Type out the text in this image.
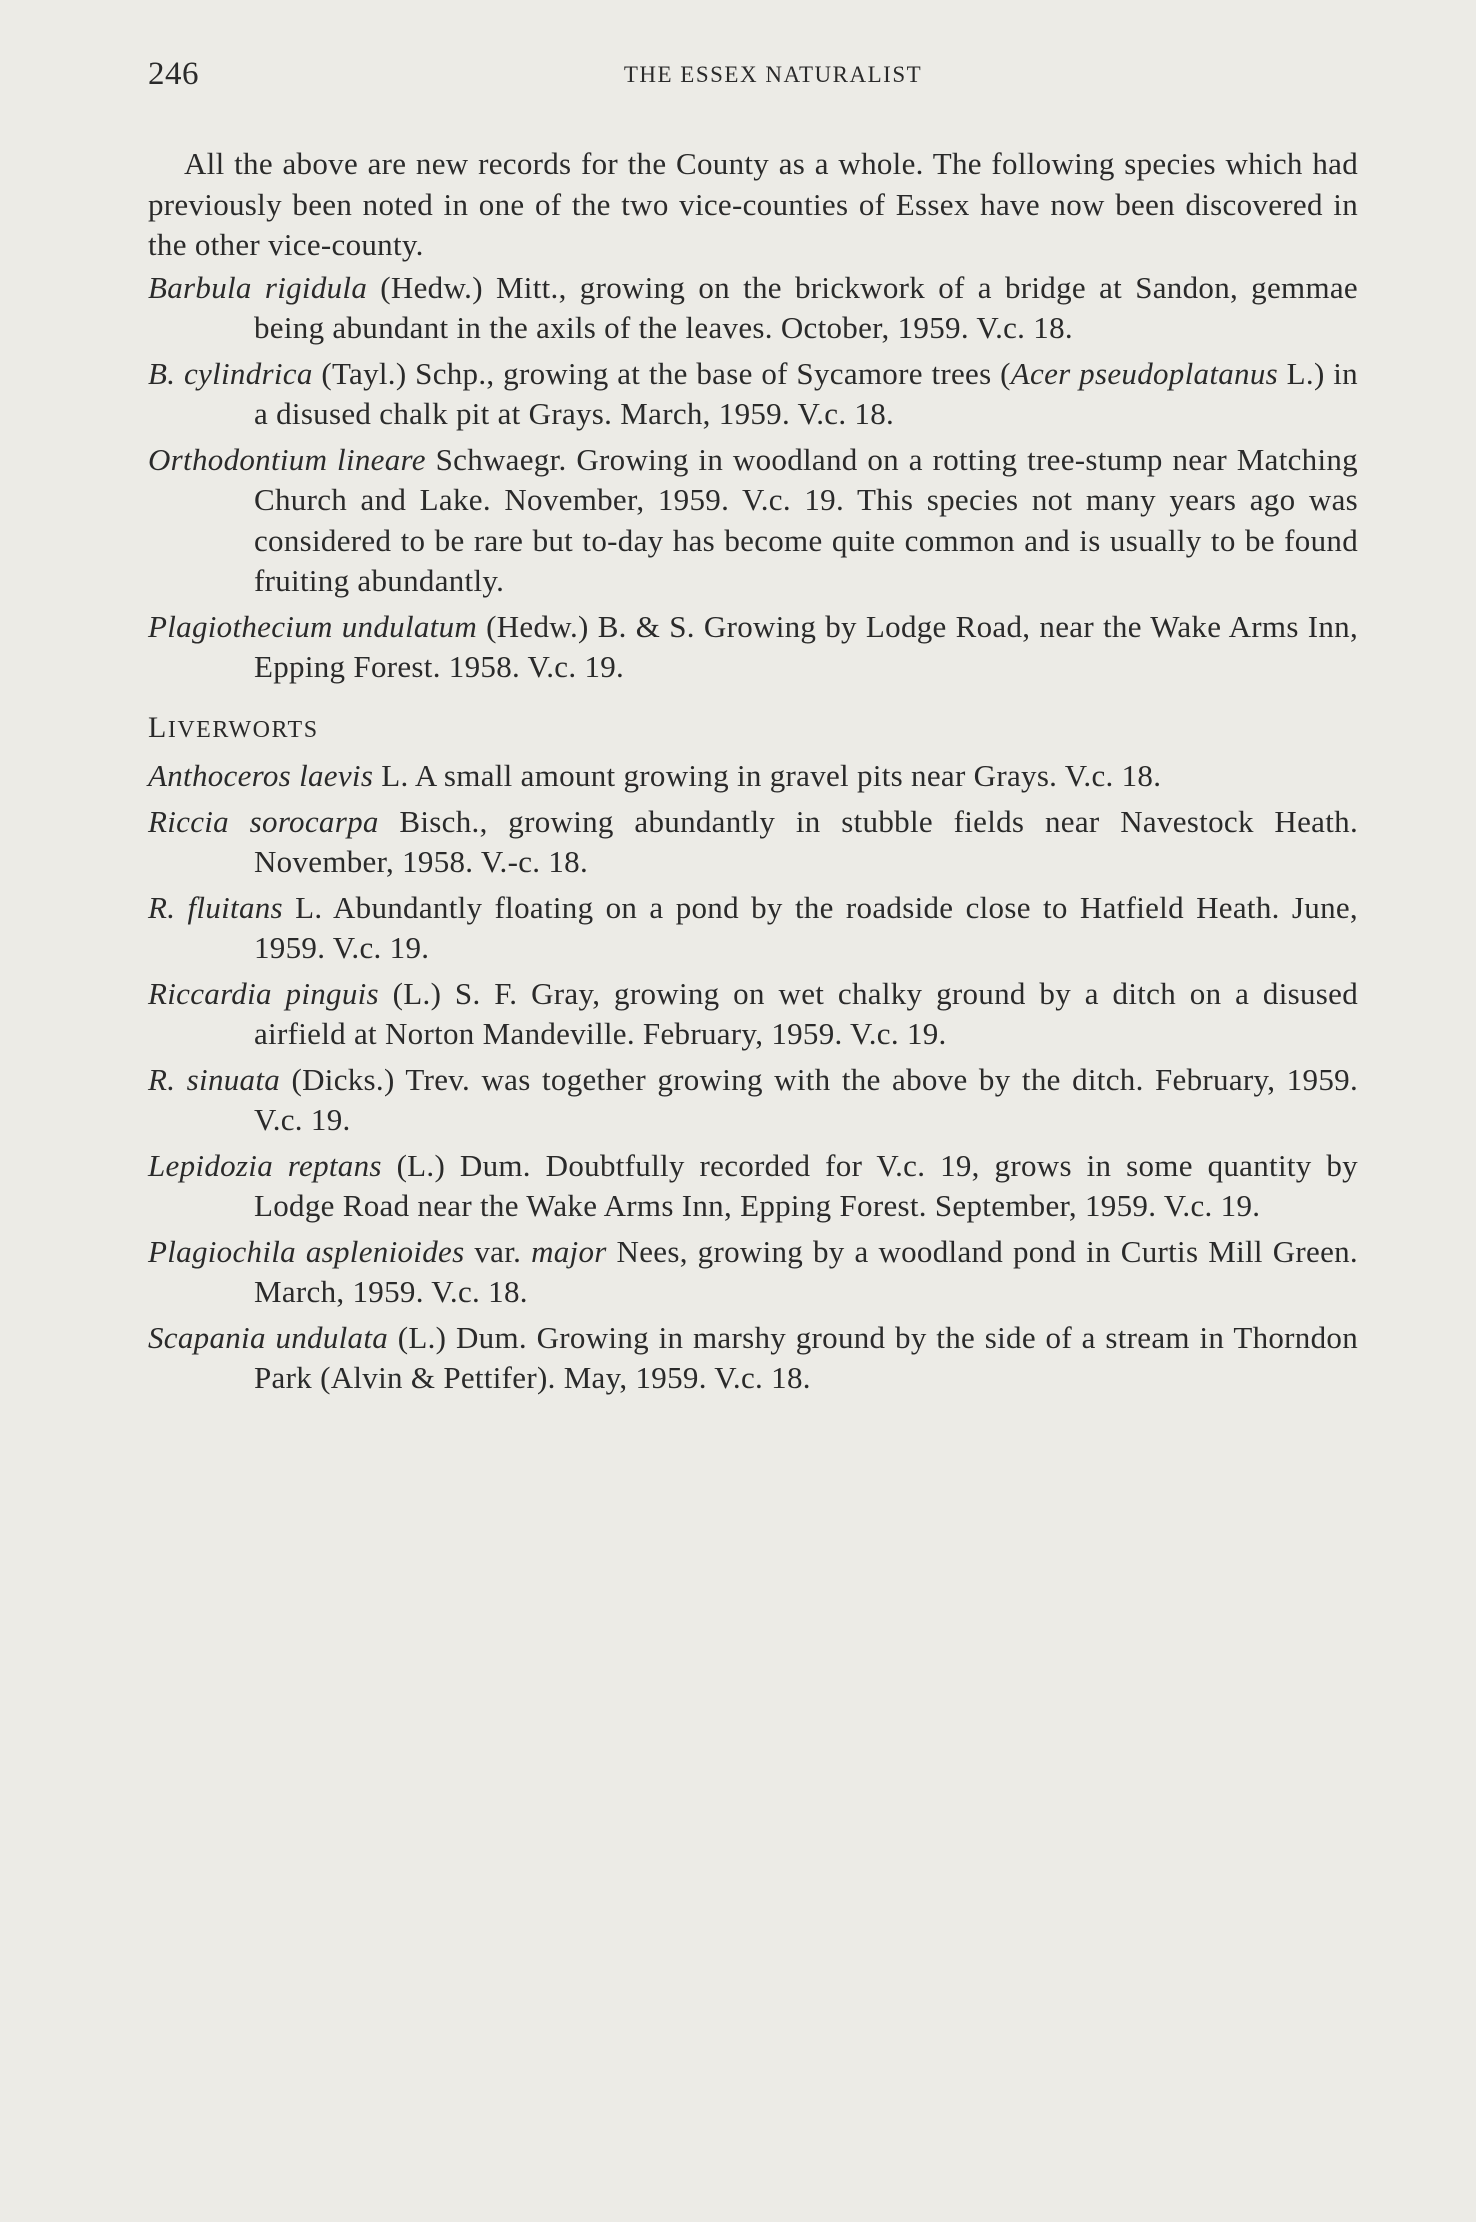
246	THE ESSEX NATURALIST

All the above are new records for the County as a whole. The following species which had previously been noted in one of the two vice-counties of Essex have now been discovered in the other vice-county.

Barbula rigidula (Hedw.) Mitt., growing on the brickwork of a bridge at Sandon, gemmae being abundant in the axils of the leaves. October, 1959. V.c. 18.

B. cylindrica (Tayl.) Schp., growing at the base of Sycamore trees (Acer pseudoplatanus L.) in a disused chalk pit at Grays. March, 1959. V.c. 18.

Orthodontium lineare Schwaegr. Growing in woodland on a rotting tree-stump near Matching Church and Lake. November, 1959. V.c. 19. This species not many years ago was considered to be rare but to-day has become quite common and is usually to be found fruiting abundantly.

Plagiothecium undulatum (Hedw.) B. & S. Growing by Lodge Road, near the Wake Arms Inn, Epping Forest. 1958. V.c. 19.

LIVERWORTS

Anthoceros laevis L. A small amount growing in gravel pits near Grays. V.c. 18.

Riccia sorocarpa Bisch., growing abundantly in stubble fields near Navestock Heath. November, 1958. V.-c. 18.

R. fluitans L. Abundantly floating on a pond by the roadside close to Hatfield Heath. June, 1959. V.c. 19.

Riccardia pinguis (L.) S. F. Gray, growing on wet chalky ground by a ditch on a disused airfield at Norton Mandeville. February, 1959. V.c. 19.

R. sinuata (Dicks.) Trev. was together growing with the above by the ditch. February, 1959. V.c. 19.

Lepidozia reptans (L.) Dum. Doubtfully recorded for V.c. 19, grows in some quantity by Lodge Road near the Wake Arms Inn, Epping Forest. September, 1959. V.c. 19.

Plagiochila asplenioides var. major Nees, growing by a woodland pond in Curtis Mill Green. March, 1959. V.c. 18.

Scapania undulata (L.) Dum. Growing in marshy ground by the side of a stream in Thorndon Park (Alvin & Pettifer). May, 1959. V.c. 18.
